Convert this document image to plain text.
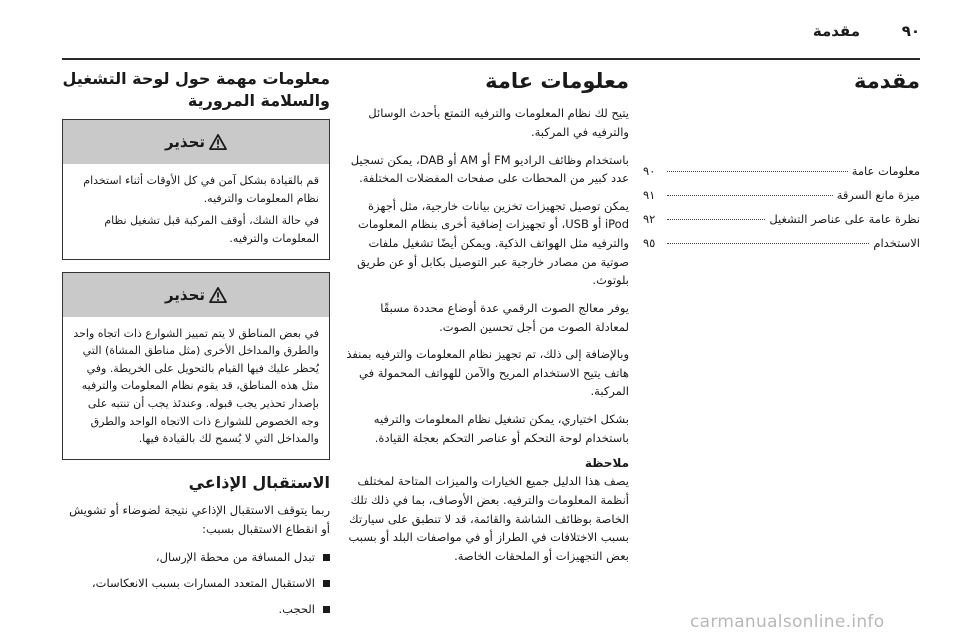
٩٠
مقدمة
مقدمة
معلومات عامة
٩٠
ميزة مانع السرقة
٩١
نظرة عامة على عناصر التشغيل
٩٢
الاستخدام
٩٥
معلومات عامة

يتيح لك نظام المعلومات والترفيه التمتع بأحدث الوسائل والترفيه في المركبة.

باستخدام وظائف الراديو FM أو AM أو DAB، يمكن تسجيل عدد كبير من المحطات على صفحات المفضلات المختلفة.

يمكن توصيل تجهيزات تخزين بيانات خارجية، مثل أجهزة iPod أو USB، أو تجهيزات إضافية أخرى بنظام المعلومات والترفيه مثل الهواتف الذكية. ويمكن أيضًا تشغيل ملفات صوتية من مصادر خارجية عبر التوصيل بكابل أو عن طريق بلوتوث.

يوفر معالج الصوت الرقمي عدة أوضاع محددة مسبقًا لمعادلة الصوت من أجل تحسين الصوت.

وبالإضافة إلى ذلك، تم تجهيز نظام المعلومات والترفيه بمنفذ هاتف يتيح الاستخدام المريح والآمن للهواتف المحمولة في المركبة.

بشكل اختياري، يمكن تشغيل نظام المعلومات والترفيه باستخدام لوحة التحكم أو عناصر التحكم بعجلة القيادة.

ملاحظة

يصف هذا الدليل جميع الخيارات والميزات المتاحة لمختلف أنظمة المعلومات والترفيه. بعض الأوصاف، بما في ذلك تلك الخاصة بوظائف الشاشة والقائمة، قد لا تنطبق على سيارتك بسبب الاختلافات في الطراز أو في مواصفات البلد أو بسبب بعض التجهيزات أو الملحقات الخاصة.

معلومات مهمة حول لوحة التشغيل والسلامة المرورية
تحذير

قم بالقيادة بشكل آمن في كل الأوقات أثناء استخدام نظام المعلومات والترفيه.

في حالة الشك، أوقف المركبة قبل تشغيل نظام المعلومات والترفيه.

تحذير

في بعض المناطق لا يتم تمييز الشوارع ذات اتجاه واحد والطرق والمداخل الأخرى (مثل مناطق المشاة) التي يُحظر عليك فيها القيام بالتحويل على الخريطة. وفي مثل هذه المناطق، قد يقوم نظام المعلومات والترفيه بإصدار تحذير يجب قبوله. وعندئذ يجب أن تنتبه على وجه الخصوص للشوارع ذات الاتجاه الواحد والطرق والمداخل التي لا يُسمح لك بالقيادة فيها.

الاستقبال الإذاعي

ربما يتوقف الاستقبال الإذاعي نتيجة لضوضاء أو تشويش أو انقطاع الاستقبال بسبب:

تبدل المسافة من محطة الإرسال،
الاستقبال المتعدد المسارات بسبب الانعكاسات،
الحجب.
carmanualsonline.info
